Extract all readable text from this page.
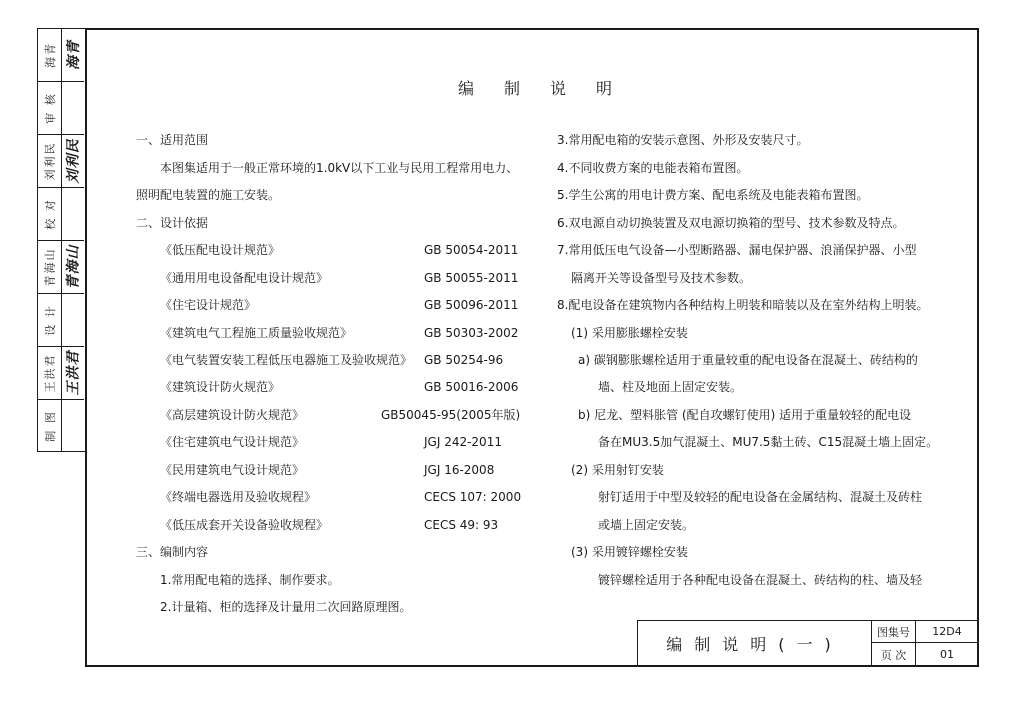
海青 海青
审 核
刘利民 刘利民
校 对
青海山 青海山
设 计
王洪君 王洪君
制 图
编制说明
一、适用范围
本图集适用于一般正常环境的1.0kV以下工业与民用工程常用电力、
照明配电装置的施工安装。
二、设计依据
《低压配电设计规范》
《通用用电设备配电设计规范》
《住宅设计规范》
《建筑电气工程施工质量验收规范》
《电气装置安装工程低压电器施工及验收规范》
《建筑设计防火规范》
《高层建筑设计防火规范》
《住宅建筑电气设计规范》
《民用建筑电气设计规范》
《终端电器选用及验收规程》
《低压成套开关设备验收规程》
三、编制内容
1.常用配电箱的选择、制作要求。
2.计量箱、柜的选择及计量用二次回路原理图。
GB 50054-2011
GB 50055-2011
GB 50096-2011
GB 50303-2002
GB 50254-96
GB 50016-2006
GB50045-95(2005年版)
JGJ 242-2011
JGJ 16-2008
CECS 107: 2000
CECS 49: 93
3.常用配电箱的安装示意图、外形及安装尺寸。
4.不同收费方案的电能表箱布置图。
5.学生公寓的用电计费方案、配电系统及电能表箱布置图。
6.双电源自动切换装置及双电源切换箱的型号、技术参数及特点。
7.常用低压电气设备—小型断路器、漏电保护器、浪涌保护器、小型
隔离开关等设备型号及技术参数。
8.配电设备在建筑物内各种结构上明装和暗装以及在室外结构上明装。
(1) 采用膨胀螺栓安装
a) 碳钢膨胀螺栓适用于重量较重的配电设备在混凝土、砖结构的
墙、柱及地面上固定安装。
b) 尼龙、塑料胀管 (配自攻螺钉使用) 适用于重量较轻的配电设
备在MU3.5加气混凝土、MU7.5黏土砖、C15混凝土墙上固定。
(2) 采用射钉安装
射钉适用于中型及较轻的配电设备在金属结构、混凝土及砖柱
或墙上固定安装。
(3) 采用镀锌螺栓安装
镀锌螺栓适用于各种配电设备在混凝土、砖结构的柱、墙及轻
编制说明(一)
图集号	12D4
页 次	01
